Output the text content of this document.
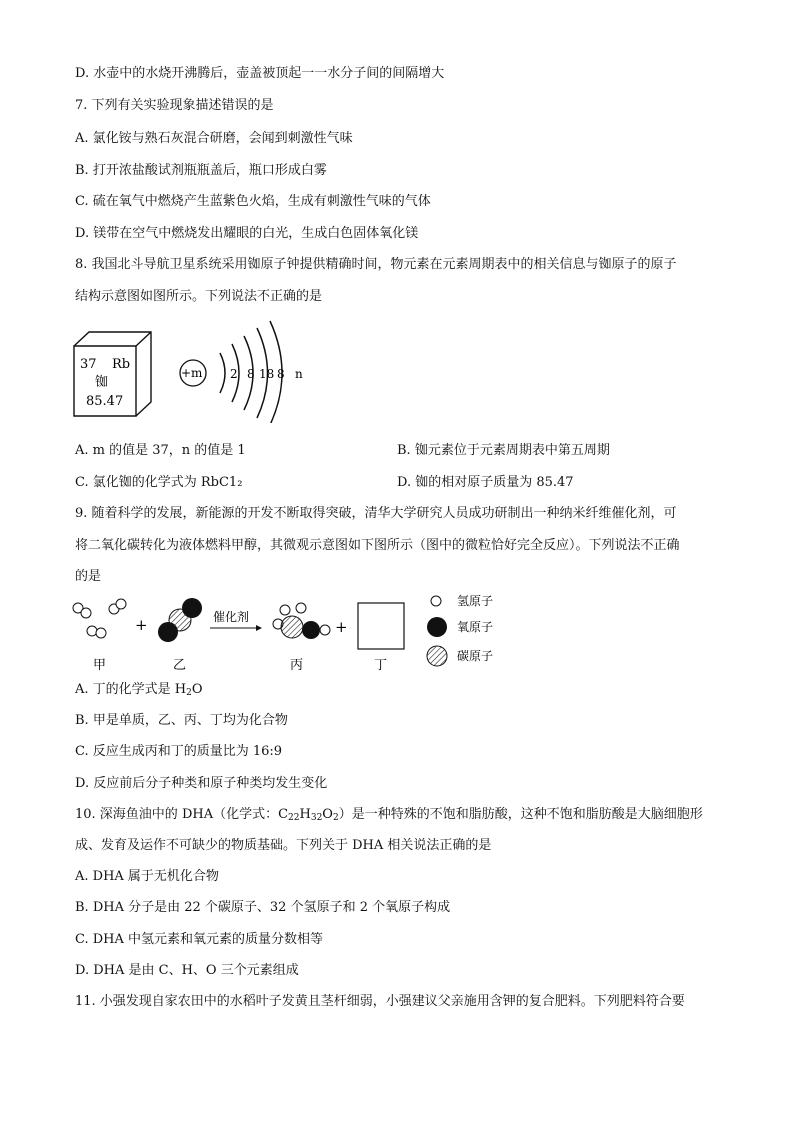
D. 水壶中的水烧开沸腾后，壶盖被顶起一一水分子间的间隔增大
7. 下列有关实验现象描述错误的是
A. 氯化铵与熟石灰混合研磨，会闻到刺激性气味
B. 打开浓盐酸试剂瓶瓶盖后，瓶口形成白雾
C. 硫在氧气中燃烧产生蓝紫色火焰，生成有刺激性气味的气体
D. 镁带在空气中燃烧发出耀眼的白光，生成白色固体氧化镁
8. 我国北斗导航卫星系统采用铷原子钟提供精确时间，物元素在元素周期表中的相关信息与铷原子的原子
结构示意图如图所示。下列说法不正确的是
37 Rb
铷
85.47
+m 2 8 18 8 n
A. m 的值是 37，n 的值是 1	B. 铷元素位于元素周期表中第五周期
C. 氯化铷的化学式为 RbC1₂	D. 铷的相对原子质量为 85.47
9. 随着科学的发展，新能源的开发不断取得突破，清华大学研究人员成功研制出一种纳米纤维催化剂，可
将二氧化碳转化为液体燃料甲醇，其微观示意图如下图所示（图中的微粒恰好完全反应）。下列说法不正确
的是
甲
+
乙
催化剂
丙
+
丁
氢原子
氧原子
碳原子
A. 丁的化学式是 $H_2O$
B. 甲是单质，乙、丙、丁均为化合物
C. 反应生成丙和丁的质量比为 16:9
D. 反应前后分子种类和原子种类均发生变化
10. 深海鱼油中的 DHA（化学式：$C_{22}H_{32}O_2$）是一种特殊的不饱和脂肪酸，这种不饱和脂肪酸是大脑细胞形
成、发育及运作不可缺少的物质基础。下列关于 DHA 相关说法正确的是
A. DHA 属于无机化合物
B. DHA 分子是由 22 个碳原子、32 个氢原子和 2 个氧原子构成
C. DHA 中氢元素和氧元素的质量分数相等
D. DHA 是由 C、H、O 三个元素组成
11. 小强发现自家农田中的水稻叶子发黄且茎杆细弱，小强建议父亲施用含钾的复合肥料。下列肥料符合要
